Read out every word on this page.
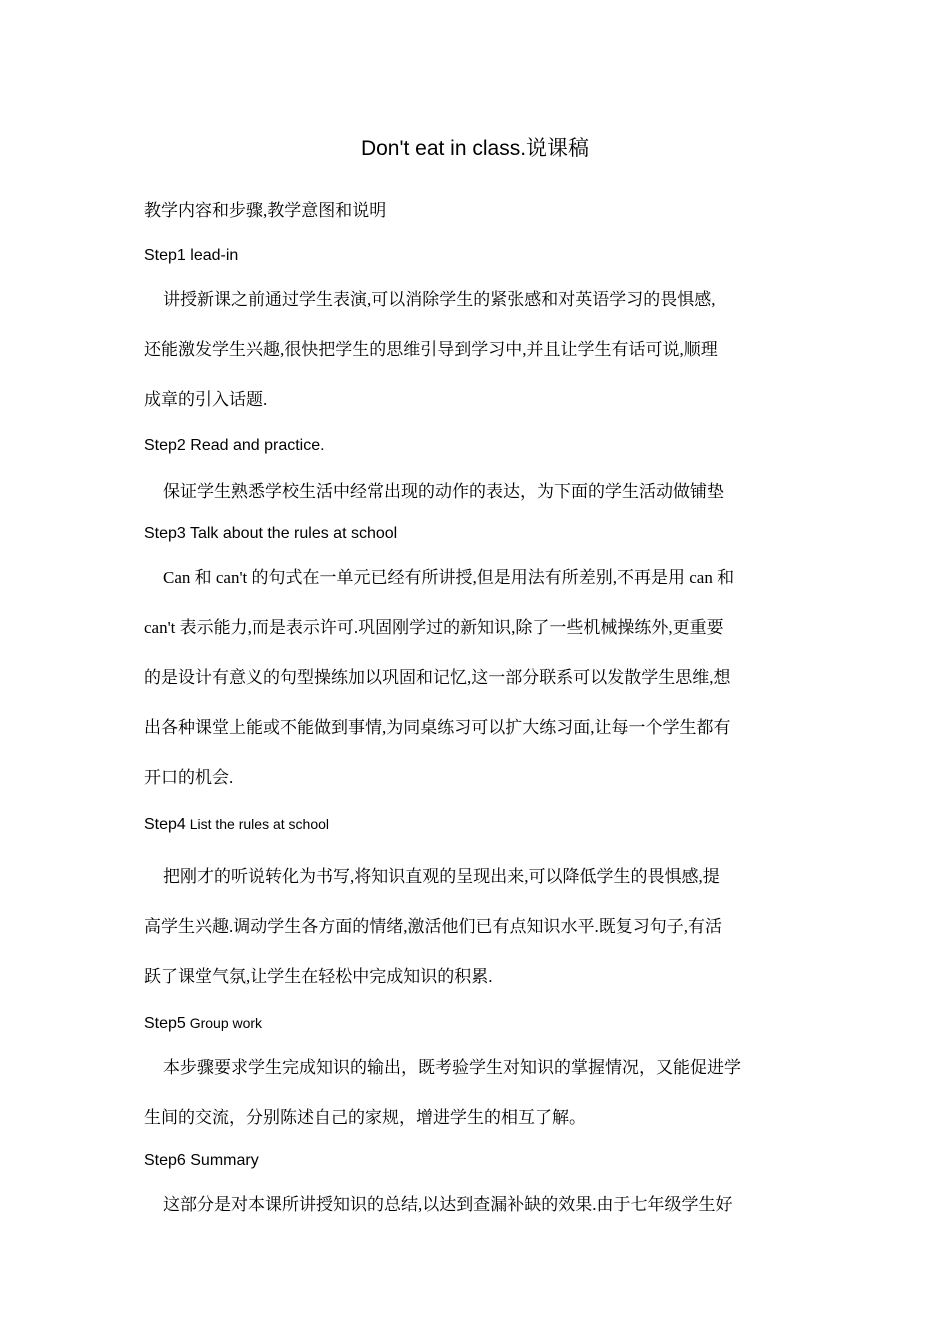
Don't eat in class.说课稿
教学内容和步骤,教学意图和说明
Step1 lead-in
讲授新课之前通过学生表演,可以消除学生的紧张感和对英语学习的畏惧感,
还能激发学生兴趣,很快把学生的思维引导到学习中,并且让学生有话可说,顺理
成章的引入话题.
Step2 Read and practice.
保证学生熟悉学校生活中经常出现的动作的表达，为下面的学生活动做铺垫
Step3 Talk about the rules at school
Can 和 can't 的句式在一单元已经有所讲授,但是用法有所差别,不再是用 can 和
can't 表示能力,而是表示许可.巩固刚学过的新知识,除了一些机械操练外,更重要
的是设计有意义的句型操练加以巩固和记忆,这一部分联系可以发散学生思维,想
出各种课堂上能或不能做到事情,为同桌练习可以扩大练习面,让每一个学生都有
开口的机会.
Step4 List the rules at school
把刚才的听说转化为书写,将知识直观的呈现出来,可以降低学生的畏惧感,提
高学生兴趣.调动学生各方面的情绪,激活他们已有点知识水平.既复习句子,有活
跃了课堂气氛,让学生在轻松中完成知识的积累.
Step5 Group work
本步骤要求学生完成知识的输出，既考验学生对知识的掌握情况，又能促进学
生间的交流，分别陈述自己的家规，增进学生的相互了解。
Step6 Summary
这部分是对本课所讲授知识的总结,以达到查漏补缺的效果.由于七年级学生好
